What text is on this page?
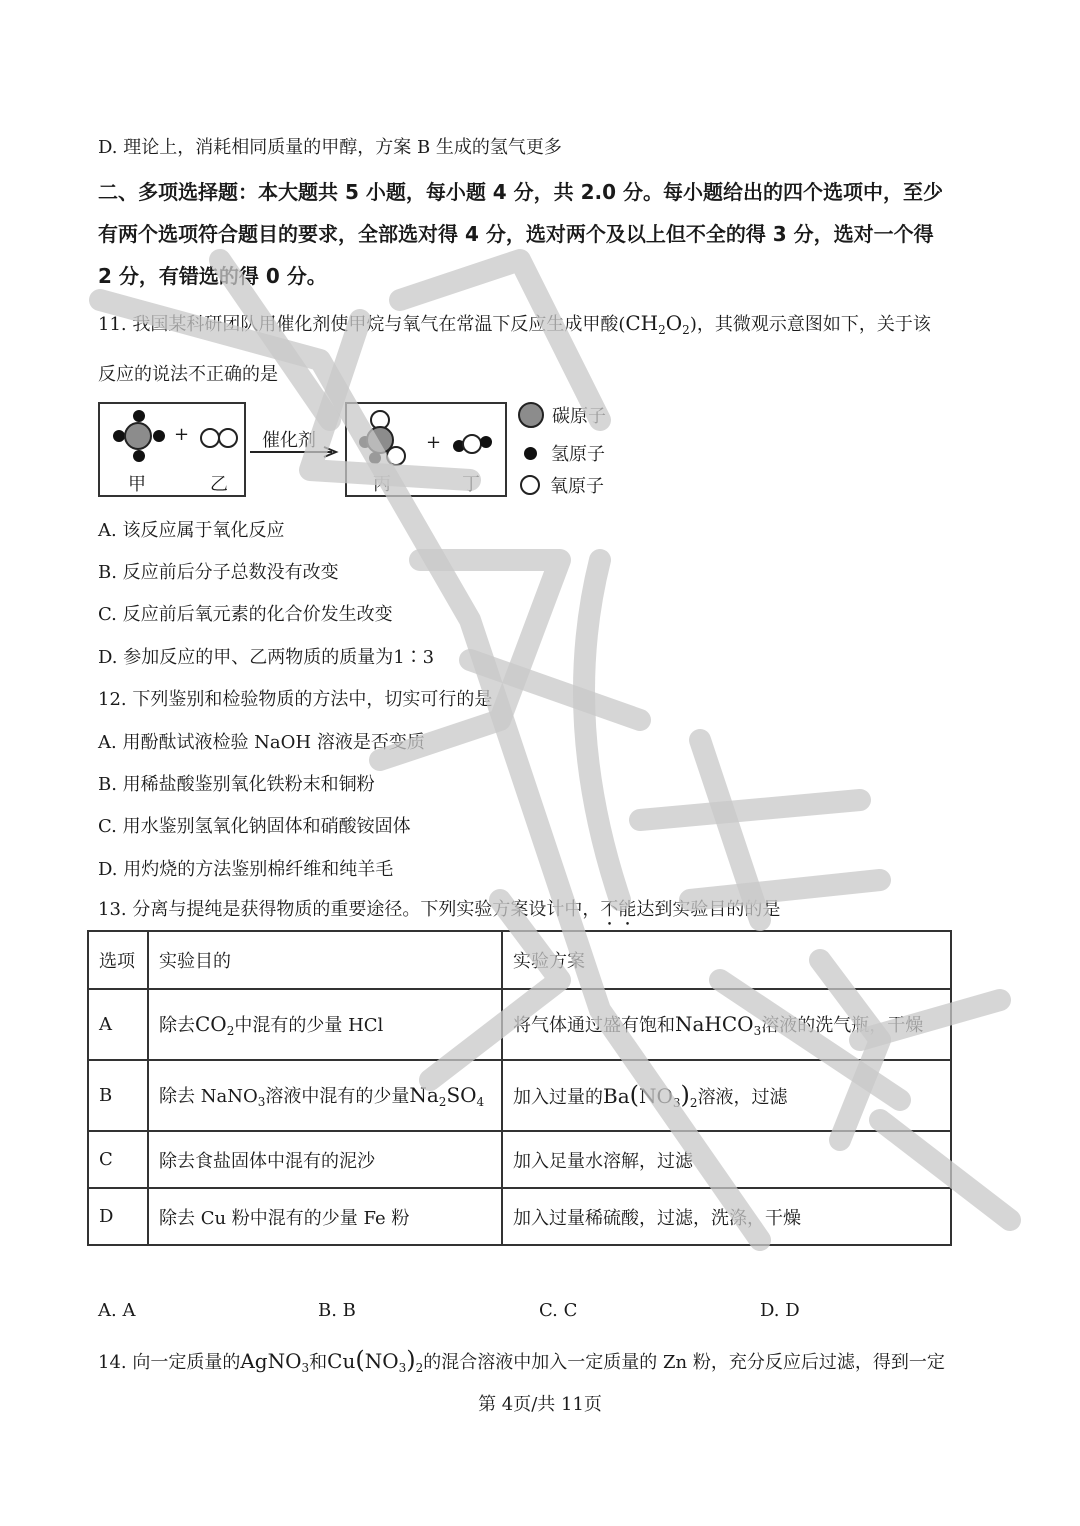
D. 理论上，消耗相同质量的甲醇，方案 B 生成的氢气更多
二、多项选择题：本大题共 5 小题，每小题 4 分，共 2.0 分。每小题给出的四个选项中，至少
有两个选项符合题目的要求，全部选对得 4 分，选对两个及以上但不全的得 3 分，选对一个得
2 分，有错选的得 0 分。
11. 我国某科研团队用催化剂使甲烷与氧气在常温下反应生成甲酸$(CH_2O_2)$，其微观示意图如下，关于该
反应的说法不正确的是
+
甲	乙
催化剂	+
丙	丁
碳原子
氢原子
氧原子
A. 该反应属于氧化反应
B. 反应前后分子总数没有改变
C. 反应前后氧元素的化合价发生改变
D. 参加反应的甲、乙两物质的质量为1∶3
12. 下列鉴别和检验物质的方法中，切实可行的是
A. 用酚酞试液检验 NaOH 溶液是否变质
B. 用稀盐酸鉴别氧化铁粉末和铜粉
C. 用水鉴别氢氧化钠固体和硝酸铵固体
D. 用灼烧的方法鉴别棉纤维和纯羊毛
13. 分离与提纯是获得物质的重要途径。下列实验方案设计中，不能达到实验目的的是
选项	实验目的	实验方案
A	除去$CO_2$中混有的少量 HCl	将气体通过盛有饱和NaHCO$_3$溶液的洗气瓶，干燥
B	除去 NaNO$_3$溶液中混有的少量$Na_2SO_4$	加入过量的$Ba(NO_3)_2$溶液，过滤
C	除去食盐固体中混有的泥沙	加入足量水溶解，过滤
D	除去 Cu 粉中混有的少量 Fe 粉	加入过量稀硫酸，过滤，洗涤，干燥
A. A	B. B	C. C	D. D
14. 向一定质量的AgNO$_3$和$Cu(NO_3)_2$的混合溶液中加入一定质量的 Zn 粉，充分反应后过滤，得到一定
第 4页/共 11页
